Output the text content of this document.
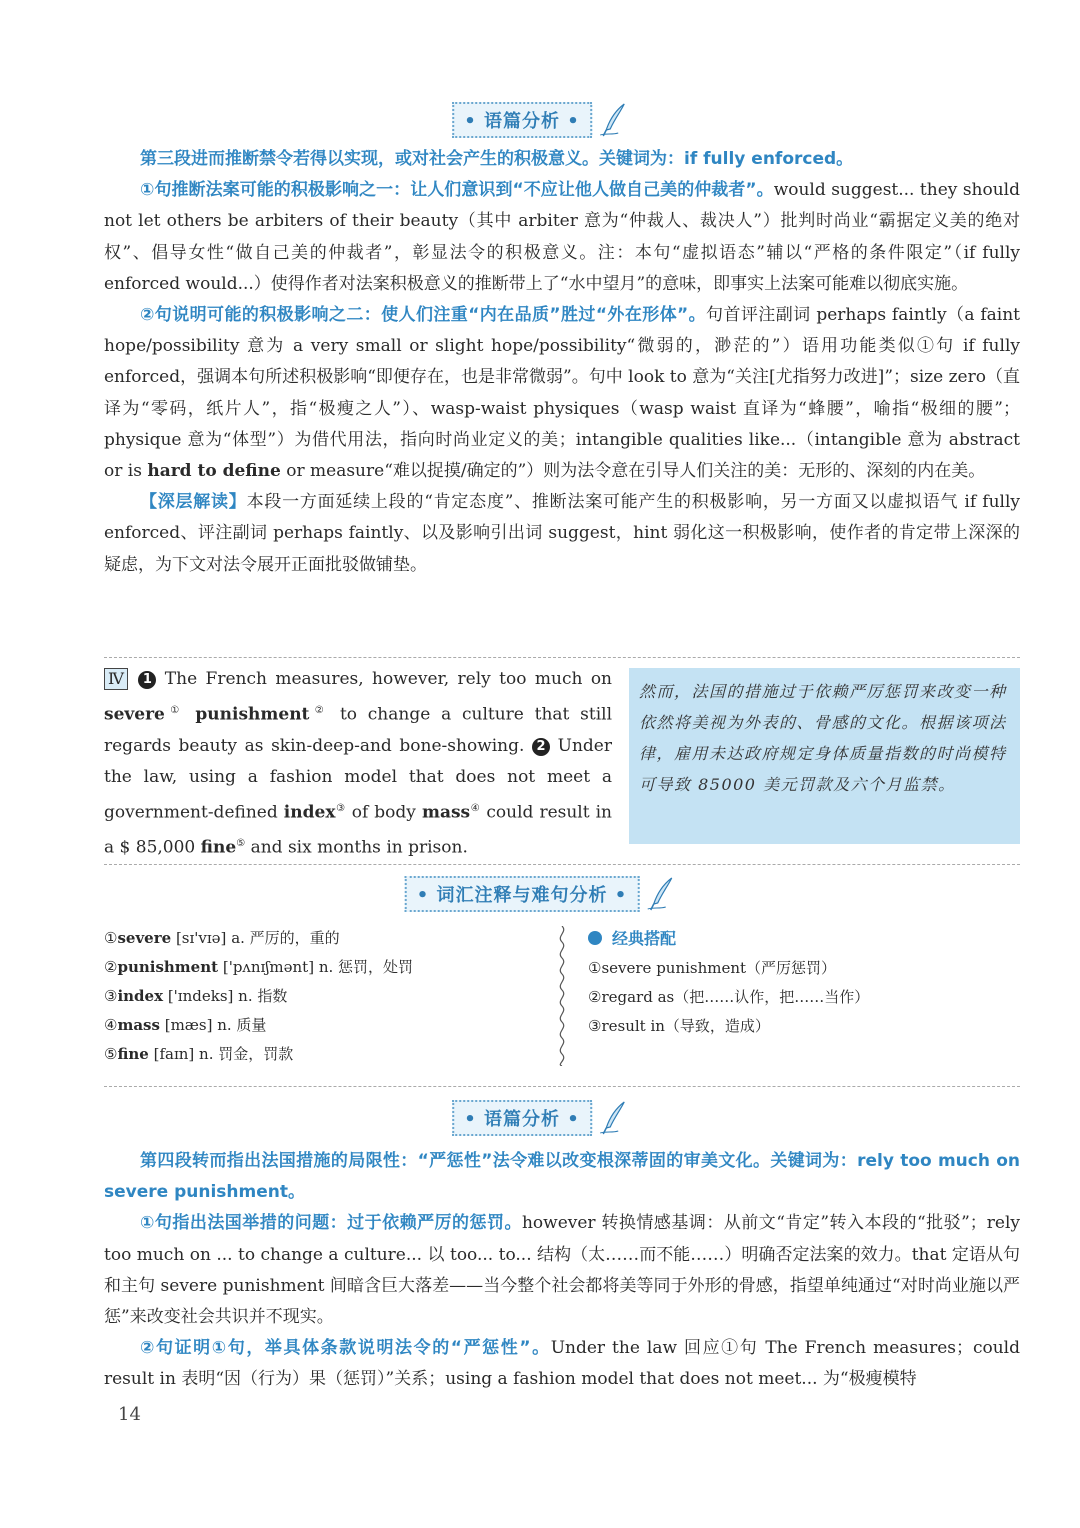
• 语篇分析 •
第三段进而推断禁令若得以实现，或对社会产生的积极意义。关键词为：if fully enforced。
①句推断法案可能的积极影响之一：让人们意识到“不应让他人做自己美的仲裁者”。would suggest... they should not let others be arbiters of their beauty（其中 arbiter 意为“仲裁人、裁决人”）批判时尚业“霸据定义美的绝对权”、倡导女性“做自己美的仲裁者”，彰显法令的积极意义。注：本句“虚拟语态”辅以“严格的条件限定”（if fully enforced would...）使得作者对法案积极意义的推断带上了“水中望月”的意味，即事实上法案可能难以彻底实施。
②句说明可能的积极影响之二：使人们注重“内在品质”胜过“外在形体”。句首评注副词 perhaps faintly（a faint hope/possibility 意为 a very small or slight hope/possibility“微弱的，渺茫的”）语用功能类似①句 if fully enforced，强调本句所述积极影响“即便存在，也是非常微弱”。句中 look to 意为“关注[尤指努力改进]”；size zero（直译为“零码，纸片人”，指“极瘦之人”）、wasp-waist physiques（wasp waist 直译为“蜂腰”，喻指“极细的腰”；physique 意为“体型”）为借代用法，指向时尚业定义的美；intangible qualities like...（intangible 意为 abstract or is hard to define or measure“难以捉摸/确定的”）则为法令意在引导人们关注的美：无形的、深刻的内在美。
【深层解读】本段一方面延续上段的“肯定态度”、推断法案可能产生的积极影响，另一方面又以虚拟语气 if fully enforced、评注副词 perhaps faintly、以及影响引出词 suggest，hint 弱化这一积极影响，使作者的肯定带上深深的疑虑，为下文对法令展开正面批驳做铺垫。
Ⅳ 1 The French measures, however, rely too much on severe① punishment② to change a culture that still regards beauty as skin-deep-and bone-showing. 2 Under the law, using a fashion model that does not meet a government-defined index③ of body mass④ could result in a $ 85,000 fine⑤ and six months in prison.
然而，法国的措施过于依赖严厉惩罚来改变一种依然将美视为外表的、骨感的文化。根据该项法律，雇用未达政府规定身体质量指数的时尚模特可导致 85000 美元罚款及六个月监禁。
• 词汇注释与难句分析 •
①severe [sɪ'vɪə] a. 严厉的，重的
②punishment ['pʌnɪʃmənt] n. 惩罚，处罚
③index ['ɪndeks] n. 指数
④mass [mæs] n. 质量
⑤fine [faɪn] n. 罚金，罚款
经典搭配
①severe punishment（严厉惩罚）
②regard as（把……认作，把……当作）
③result in（导致，造成）
• 语篇分析 •
第四段转而指出法国措施的局限性：“严惩性”法令难以改变根深蒂固的审美文化。关键词为：rely too much on severe punishment。
①句指出法国举措的问题：过于依赖严厉的惩罚。however 转换情感基调：从前文“肯定”转入本段的“批驳”；rely too much on ... to change a culture... 以 too... to... 结构（太……而不能……）明确否定法案的效力。that 定语从句和主句 severe punishment 间暗含巨大落差——当今整个社会都将美等同于外形的骨感，指望单纯通过“对时尚业施以严惩”来改变社会共识并不现实。
②句证明①句，举具体条款说明法令的“严惩性”。Under the law 回应①句 The French measures；could result in 表明“因（行为）果（惩罚）”关系；using a fashion model that does not meet... 为“极瘦模特
14
